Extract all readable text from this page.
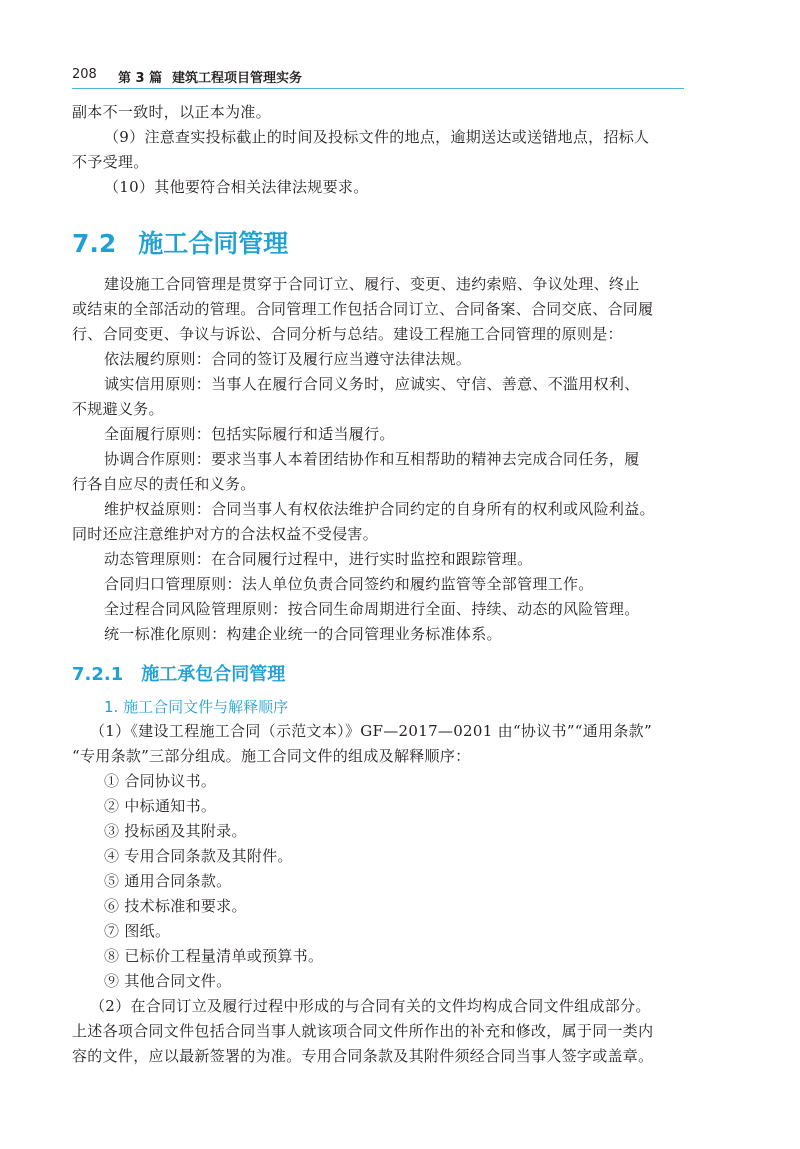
208 第 3 篇 建筑工程项目管理实务
副本不一致时，以正本为准。
（9）注意查实投标截止的时间及投标文件的地点，逾期送达或送错地点，招标人
不予受理。
（10）其他要符合相关法律法规要求。
7.2 施工合同管理
建设施工合同管理是贯穿于合同订立、履行、变更、违约索赔、争议处理、终止
或结束的全部活动的管理。合同管理工作包括合同订立、合同备案、合同交底、合同履
行、合同变更、争议与诉讼、合同分析与总结。建设工程施工合同管理的原则是：
依法履约原则：合同的签订及履行应当遵守法律法规。
诚实信用原则：当事人在履行合同义务时，应诚实、守信、善意、不滥用权利、
不规避义务。
全面履行原则：包括实际履行和适当履行。
协调合作原则：要求当事人本着团结协作和互相帮助的精神去完成合同任务，履
行各自应尽的责任和义务。
维护权益原则：合同当事人有权依法维护合同约定的自身所有的权利或风险利益。
同时还应注意维护对方的合法权益不受侵害。
动态管理原则：在合同履行过程中，进行实时监控和跟踪管理。
合同归口管理原则：法人单位负责合同签约和履约监管等全部管理工作。
全过程合同风险管理原则：按合同生命周期进行全面、持续、动态的风险管理。
统一标准化原则：构建企业统一的合同管理业务标准体系。
7.2.1 施工承包合同管理
1. 施工合同文件与解释顺序
（1）《建设工程施工合同（示范文本）》GF—2017—0201 由“协议书”“通用条款”
“专用条款”三部分组成。施工合同文件的组成及解释顺序：
① 合同协议书。
② 中标通知书。
③ 投标函及其附录。
④ 专用合同条款及其附件。
⑤ 通用合同条款。
⑥ 技术标准和要求。
⑦ 图纸。
⑧ 已标价工程量清单或预算书。
⑨ 其他合同文件。
（2）在合同订立及履行过程中形成的与合同有关的文件均构成合同文件组成部分。
上述各项合同文件包括合同当事人就该项合同文件所作出的补充和修改，属于同一类内
容的文件，应以最新签署的为准。专用合同条款及其附件须经合同当事人签字或盖章。
